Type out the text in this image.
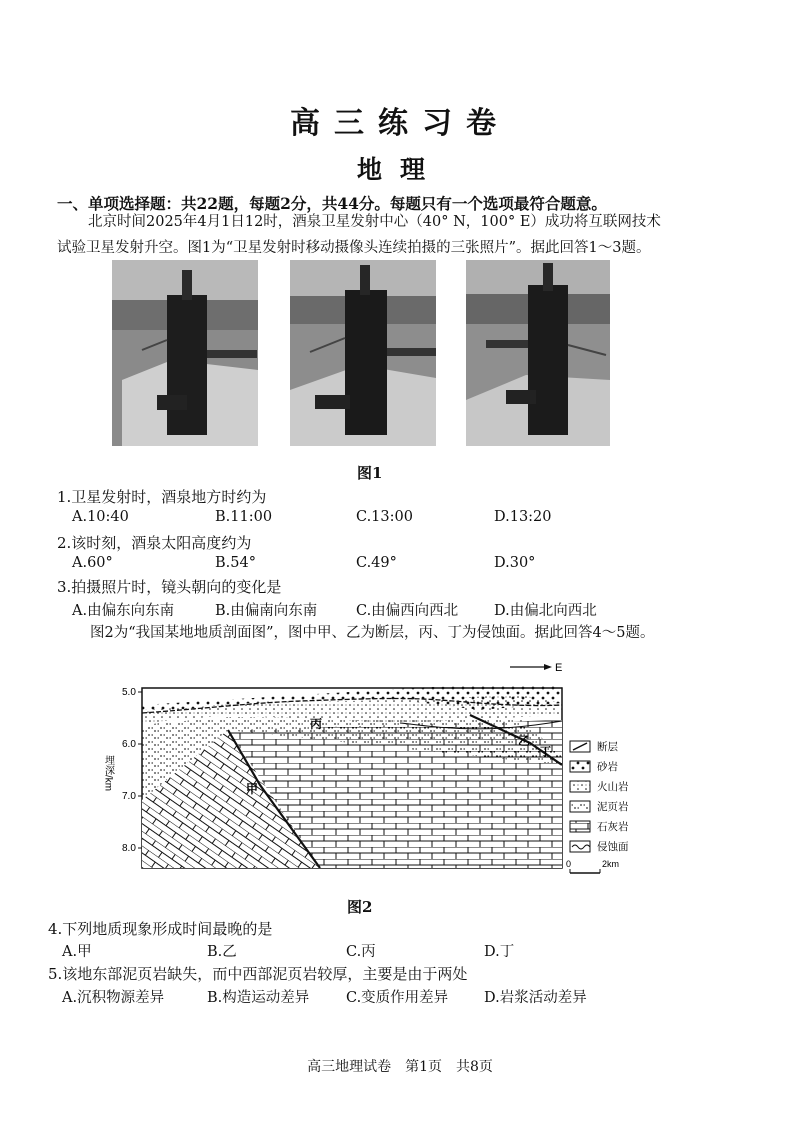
高三练习卷
地理
一、单项选择题：共22题，每题2分，共44分。每题只有一个选项最符合题意。
北京时间2025年4月1日12时，酒泉卫星发射中心（40° N，100° E）成功将互联网技术
试验卫星发射升空。图1为“卫星发射时移动摄像头连续拍摄的三张照片”。据此回答1～3题。
图1
1.卫星发射时，酒泉地方时约为
A.10:40	B.11:00	C.13:00	D.13:20
2.该时刻，酒泉太阳高度约为
A.60°	B.54°	C.49°	D.30°
3.拍摄照片时，镜头朝向的变化是
A.由偏东向东南	B.由偏南向东南	C.由偏西向西北 D.由偏北向西北
图2为“我国某地地质剖面图”，图中甲、乙为断层，丙、丁为侵蚀面。据此回答4～5题。
E
5.0
6.0
7.0
8.0
埋深/km
丙
乙
丁
甲
断层
砂岩
火山岩
泥页岩
石灰岩
侵蚀面
0	2km
图2
4.下列地质现象形成时间最晚的是
A.甲	B.乙	C.丙	D.丁
5.该地东部泥页岩缺失，而中西部泥页岩较厚，主要是由于两处
A.沉积物源差异	B.构造运动差异	C.变质作用差异 D.岩浆活动差异
高三地理试卷　第1页　共8页
